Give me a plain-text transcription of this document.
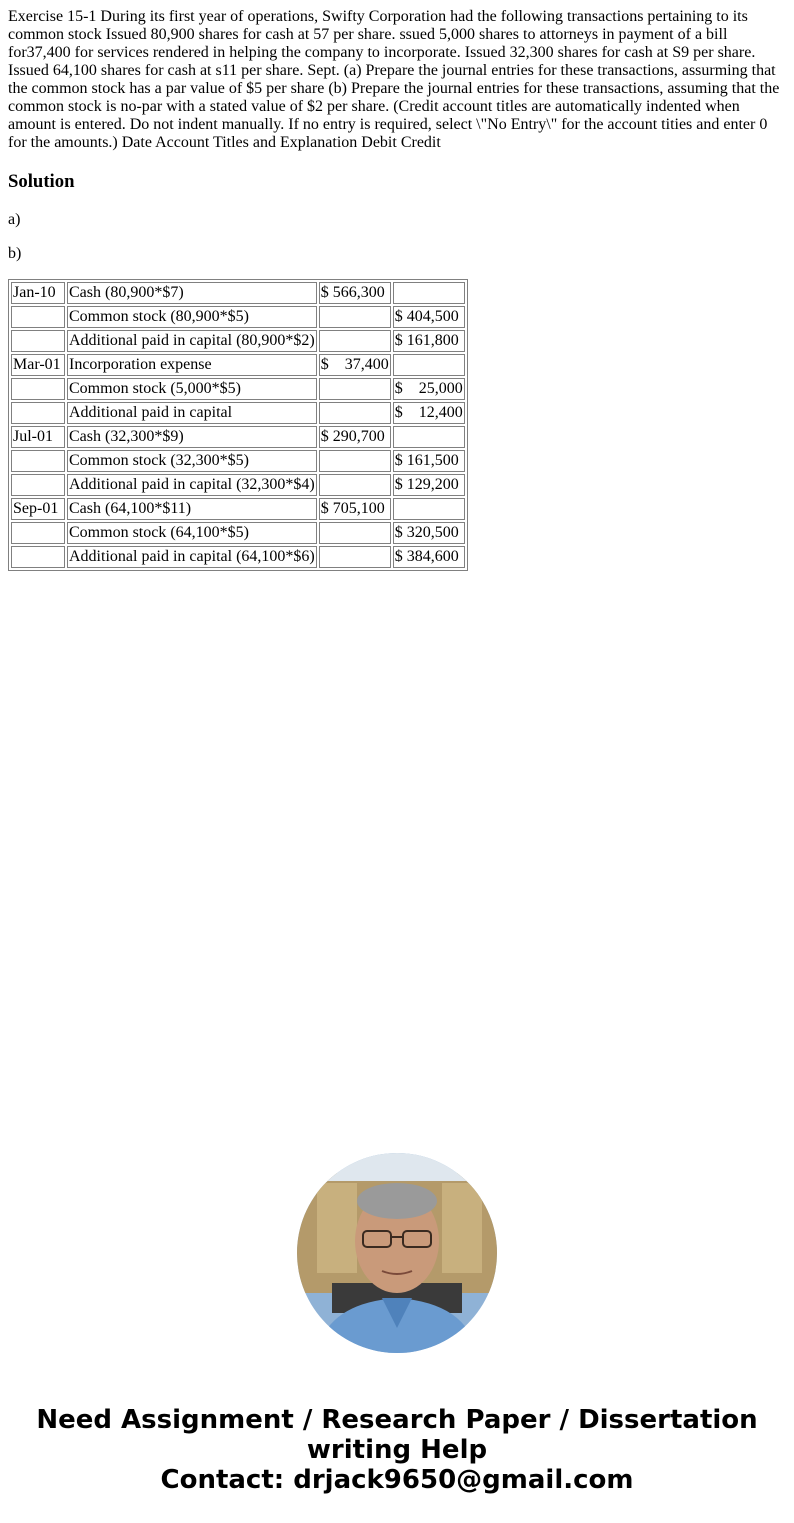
Exercise 15-1 During its first year of operations, Swifty Corporation had the following transactions pertaining to its common stock Issued 80,900 shares for cash at 57 per share. ssued 5,000 shares to attorneys in payment of a bill for37,400 for services rendered in helping the company to incorporate. Issued 32,300 shares for cash at S9 per share. Issued 64,100 shares for cash at s11 per share. Sept. (a) Prepare the journal entries for these transactions, assurming that the common stock has a par value of $5 per share (b) Prepare the journal entries for these transactions, assuming that the common stock is no-par with a stated value of $2 per share. (Credit account titles are automatically indented when amount is entered. Do not indent manually. If no entry is required, select \"No Entry\" for the account tities and enter 0 for the amounts.) Date Account Titles and Explanation Debit Credit

Solution

a)

b)

Jan-10	Cash (80,900*$7)	$ 566,300	
	Common stock (80,900*$5)		$ 404,500
	Additional paid in capital (80,900*$2)		$ 161,800
Mar-01	Incorporation expense	$    37,400	
	Common stock (5,000*$5)		$    25,000
	Additional paid in capital		$    12,400
Jul-01	Cash (32,300*$9)	$ 290,700	
	Common stock (32,300*$5)		$ 161,500
	Additional paid in capital (32,300*$4)		$ 129,200
Sep-01	Cash (64,100*$11)	$ 705,100	
	Common stock (64,100*$5)		$ 320,500
	Additional paid in capital (64,100*$6)		$ 384,600

Need Assignment / Research Paper / Dissertation
writing Help
Contact: drjack9650@gmail.com
